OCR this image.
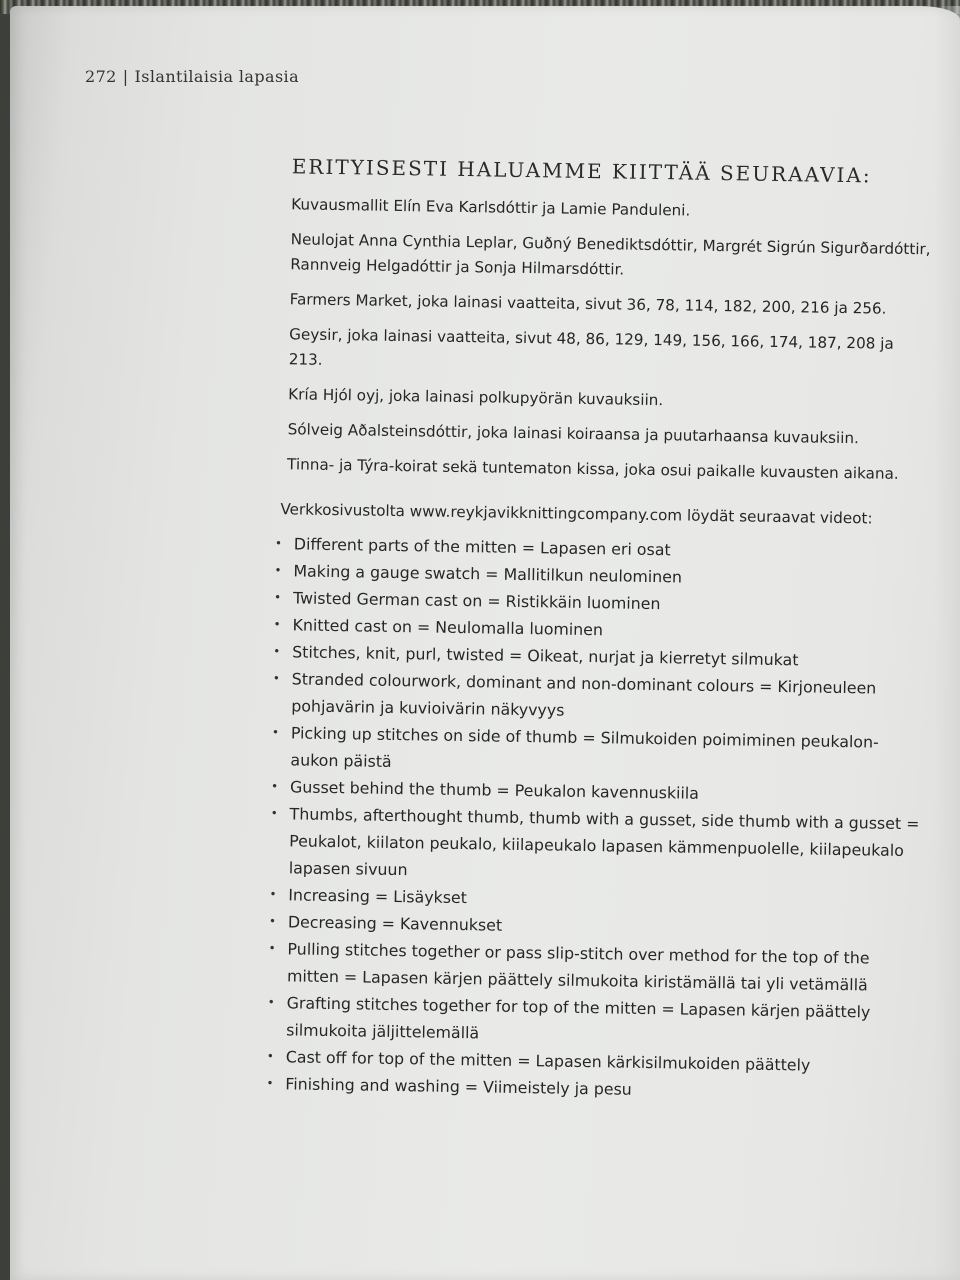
272 | Islantilaisia lapasia
ERITYISESTI HALUAMME KIITTÄÄ SEURAAVIA:

Kuvausmallit Elín Eva Karlsdóttir ja Lamie Panduleni.

Neulojat Anna Cynthia Leplar, Guðný Benediktsdóttir, Margrét Sigrún Sigurðardóttir, Rannveig Helgadóttir ja Sonja Hilmarsdóttir.

Farmers Market, joka lainasi vaatteita, sivut 36, 78, 114, 182, 200, 216 ja 256.

Geysir, joka lainasi vaatteita, sivut 48, 86, 129, 149, 156, 166, 174, 187, 208 ja 213.

Kría Hjól oyj, joka lainasi polkupyörän kuvauksiin.

Sólveig Aðalsteinsdóttir, joka lainasi koiraansa ja puutarhaansa kuvauksiin.

Tinna- ja Týra-koirat sekä tuntematon kissa, joka osui paikalle kuvausten aikana.

Verkkosivustolta www.reykjavikknittingcompany.com löydät seuraavat videot:

• Different parts of the mitten = Lapasen eri osat
• Making a gauge swatch = Mallitilkun neulominen
• Twisted German cast on = Ristikkäin luominen
• Knitted cast on = Neulomalla luominen
• Stitches, knit, purl, twisted = Oikeat, nurjat ja kierretyt silmukat
• Stranded colourwork, dominant and non-dominant colours = Kirjoneuleen pohjavärin ja kuvioivärin näkyvyys
• Picking up stitches on side of thumb = Silmukoiden poimiminen peukalon-aukon päistä
• Gusset behind the thumb = Peukalon kavennuskiila
• Thumbs, afterthought thumb, thumb with a gusset, side thumb with a gusset = Peukalot, kiilaton peukalo, kiilapeukalo lapasen kämmenpuolelle, kiilapeukalo lapasen sivuun
• Increasing = Lisäykset
• Decreasing = Kavennukset
• Pulling stitches together or pass slip-stitch over method for the top of the mitten = Lapasen kärjen päättely silmukoita kiristämällä tai yli vetämällä
• Grafting stitches together for top of the mitten = Lapasen kärjen päättely silmukoita jäljittelemällä
• Cast off for top of the mitten = Lapasen kärkisilmukoiden päättely
• Finishing and washing = Viimeistely ja pesu
